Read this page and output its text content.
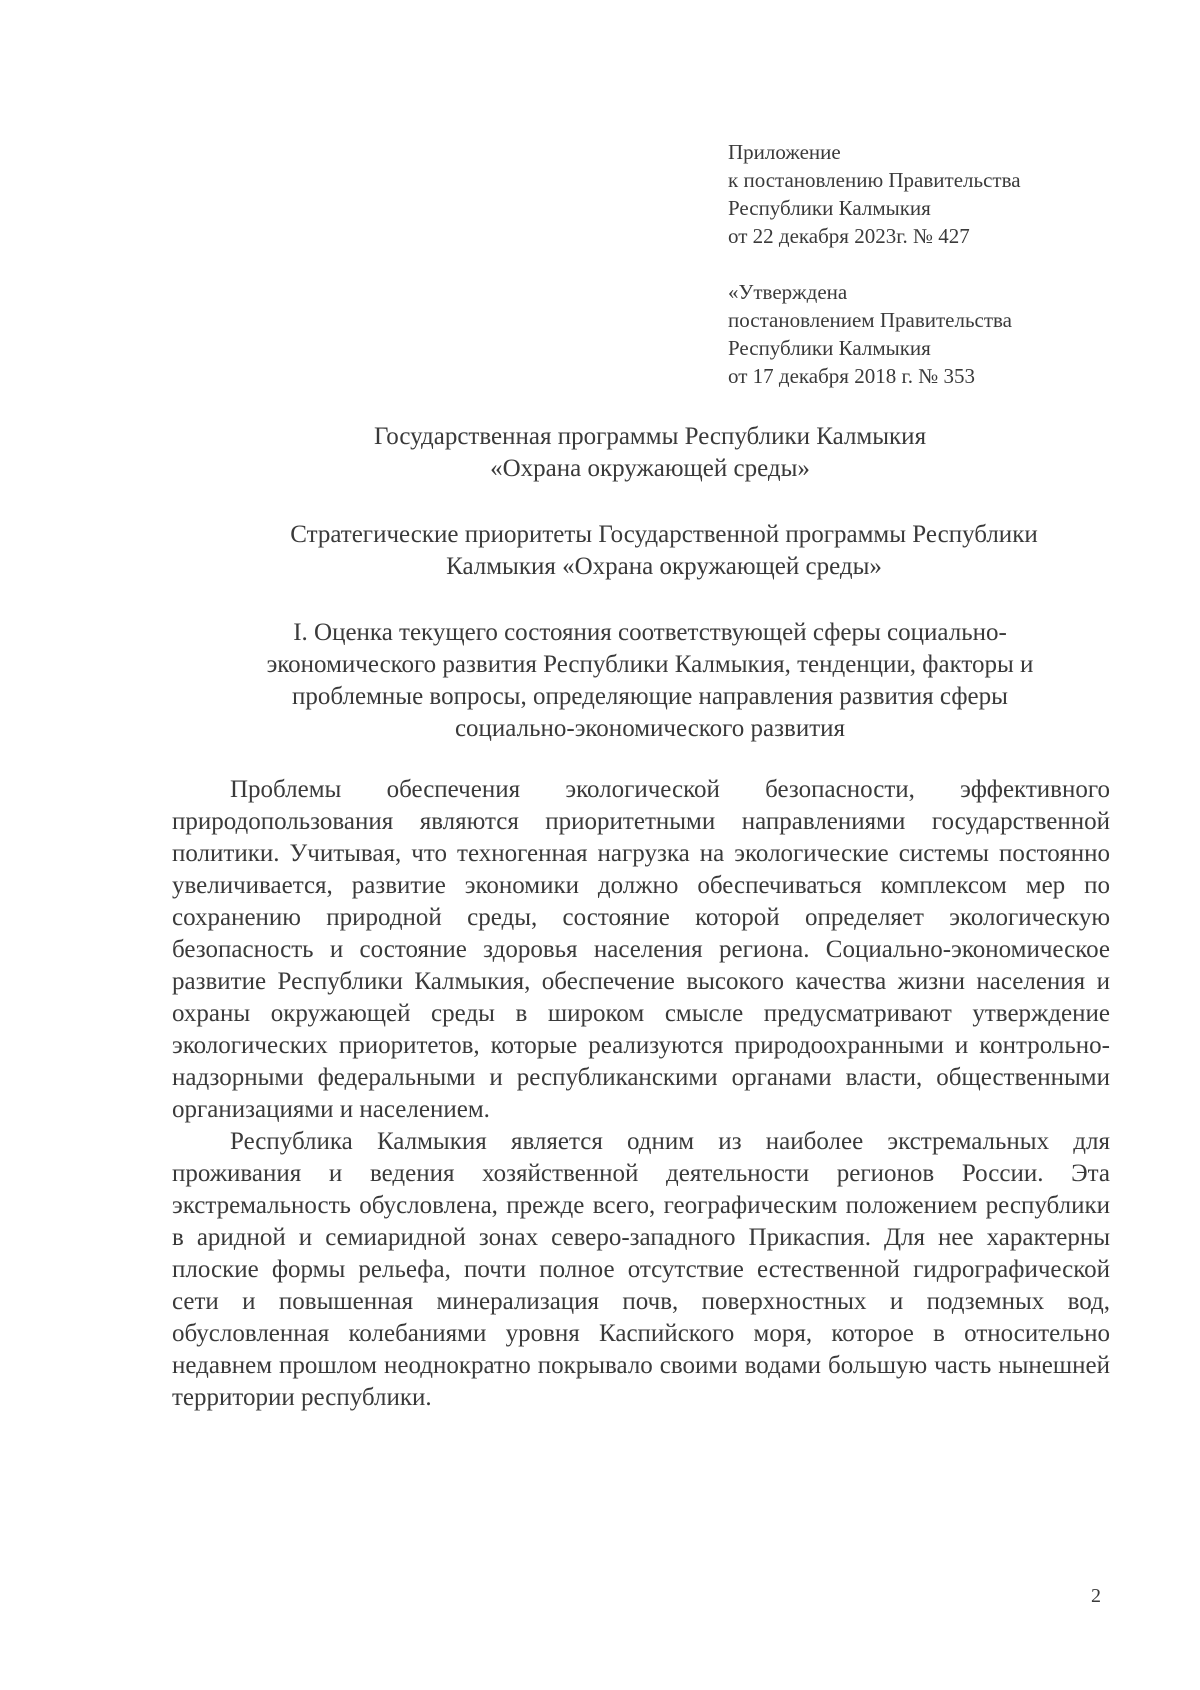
Приложение
к постановлению Правительства
Республики Калмыкия
от 22 декабря 2023г. № 427
«Утверждена
постановлением Правительства
Республики Калмыкия
от 17 декабря 2018 г. № 353
Государственная программы Республики Калмыкия
«Охрана окружающей среды»
Стратегические приоритеты Государственной программы Республики
Калмыкия «Охрана окружающей среды»
I. Оценка текущего состояния соответствующей сферы социально-
экономического развития Республики Калмыкия, тенденции, факторы и
проблемные вопросы, определяющие направления развития сферы
социально-экономического развития

Проблемы обеспечения экологической безопасности, эффективного природопользования являются приоритетными направлениями государственной политики. Учитывая, что техногенная нагрузка на экологические системы постоянно увеличивается, развитие экономики должно обеспечиваться комплексом мер по сохранению природной среды, состояние которой определяет экологическую безопасность и состояние здоровья населения региона. Социально-экономическое развитие Республики Калмыкия, обеспечение высокого качества жизни населения и охраны окружающей среды в широком смысле предусматривают утверждение экологических приоритетов, которые реализуются природоохранными и контрольно-надзорными федеральными и республиканскими органами власти, общественными организациями и населением.

Республика Калмыкия является одним из наиболее экстремальных для проживания и ведения хозяйственной деятельности регионов России. Эта экстремальность обусловлена, прежде всего, географическим положением республики в аридной и семиаридной зонах северо-западного Прикаспия. Для нее характерны плоские формы рельефа, почти полное отсутствие естественной гидрографической сети и повышенная минерализация почв, поверхностных и подземных вод, обусловленная колебаниями уровня Каспийского моря, которое в относительно недавнем прошлом неоднократно покрывало своими водами большую часть нынешней территории республики.

2
